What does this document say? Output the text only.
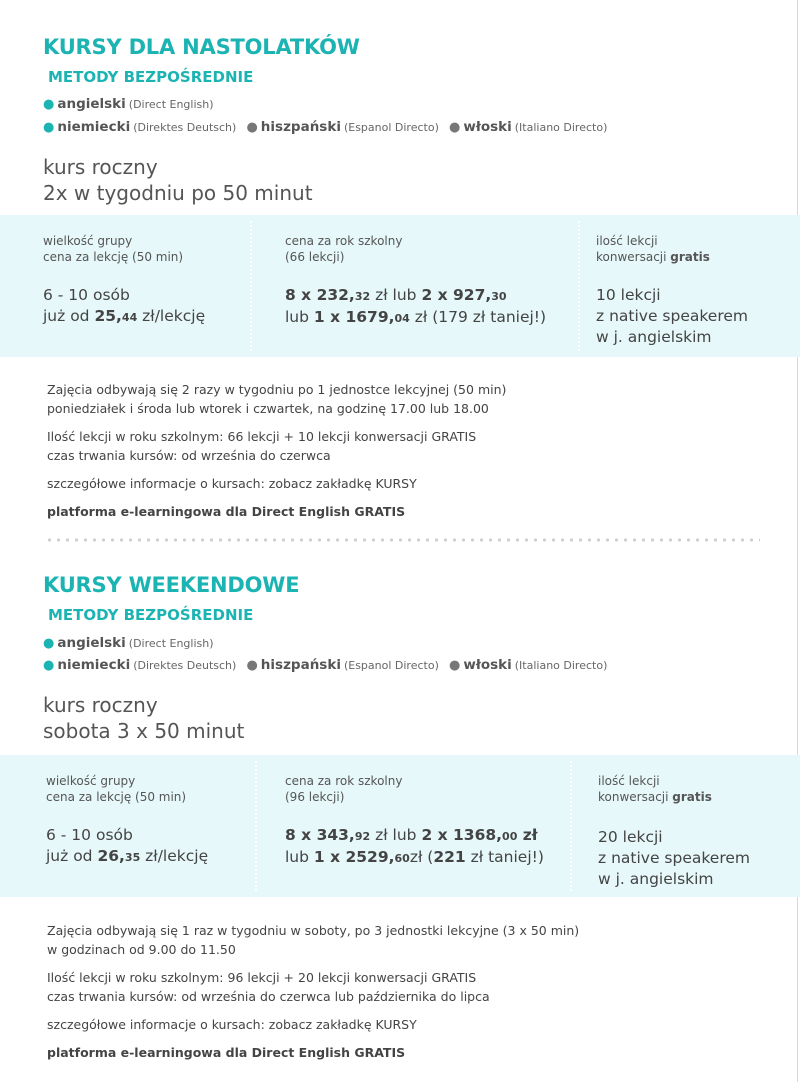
KURSY DLA NASTOLATKÓW
METODY BEZPOŚREDNIE
● angielski (Direct English)
● niemiecki (Direktes Deutsch) ● hiszpański (Espanol Directo) ● włoski (Italiano Directo)

kurs roczny
2x w tygodniu po 50 minut

wielkość grupy
cena za lekcję (50 min)
6 - 10 osób
już od 25,44 zł/lekcję
cena za rok szkolny
(66 lekcji)
8 x 232,32 zł lub 2 x 927,30
lub 1 x 1679,04 zł (179 zł taniej!)
ilość lekcji
konwersacji gratis
10 lekcji
z native speakerem
w j. angielskim

Zajęcia odbywają się 2 razy w tygodniu po 1 jednostce lekcyjnej (50 min)

poniedziałek i środa lub wtorek i czwartek, na godzinę 17.00 lub 18.00

Ilość lekcji w roku szkolnym: 66 lekcji + 10 lekcji konwersacji GRATIS

czas trwania kursów: od września do czerwca

szczegółowe informacje o kursach: zobacz zakładkę KURSY

platforma e-learningowa dla Direct English GRATIS

KURSY WEEKENDOWE
METODY BEZPOŚREDNIE
● angielski (Direct English)
● niemiecki (Direktes Deutsch) ● hiszpański (Espanol Directo) ● włoski (Italiano Directo)

kurs roczny
sobota 3 x 50 minut

wielkość grupy
cena za lekcję (50 min)
6 - 10 osób
już od 26,35 zł/lekcję
cena za rok szkolny
(96 lekcji)
8 x 343,92 zł lub 2 x 1368,00 zł
lub 1 x 2529,60zł (221 zł taniej!)
ilość lekcji
konwersacji gratis
20 lekcji
z native speakerem
w j. angielskim

Zajęcia odbywają się 1 raz w tygodniu w soboty, po 3 jednostki lekcyjne (3 x 50 min)

w godzinach od 9.00 do 11.50

Ilość lekcji w roku szkolnym: 96 lekcji + 20 lekcji konwersacji GRATIS

czas trwania kursów: od września do czerwca lub października do lipca

szczegółowe informacje o kursach: zobacz zakładkę KURSY

platforma e-learningowa dla Direct English GRATIS
